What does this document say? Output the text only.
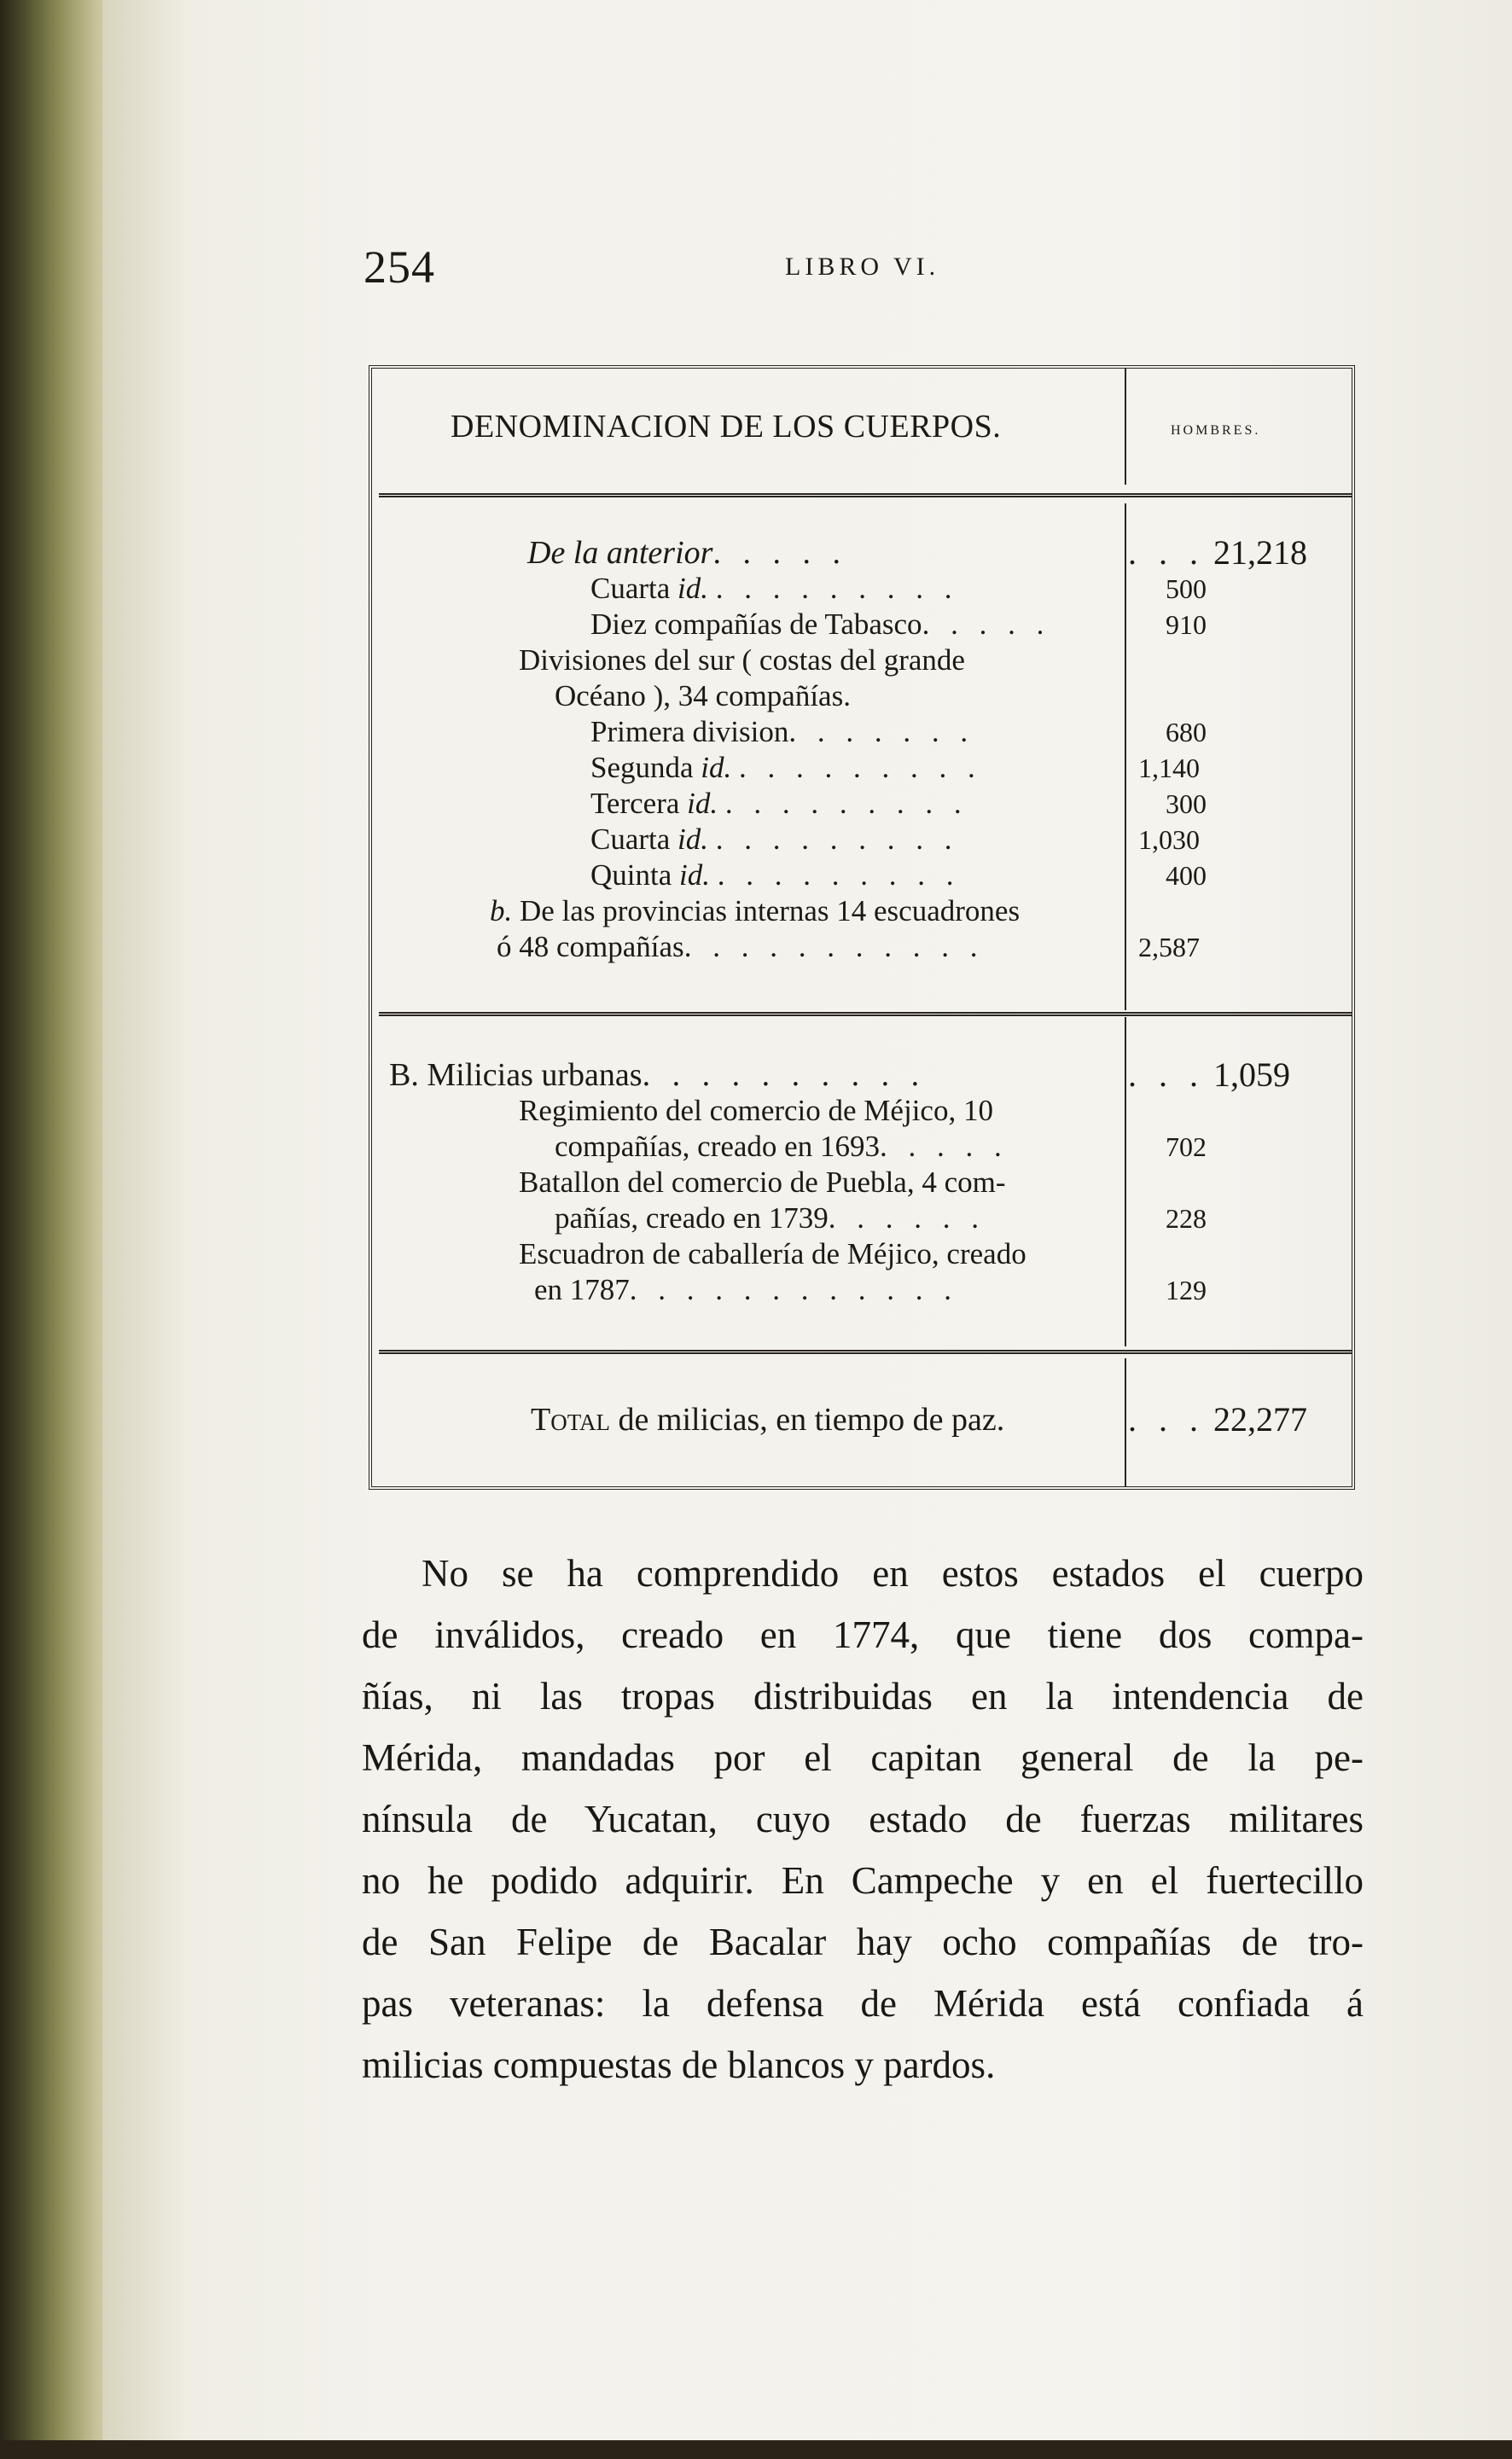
254	LIBRO VI.
DENOMINACION DE LOS CUERPOS.	HOMBRES.
De la anterior. . . . .	. . . 21,218
Cuarta id. . . . . . . . . .	500
Diez compañías de Tabasco. . . . .	910
Divisiones del sur ( costas del grande
Océano ), 34 compañías.
Primera division. . . . . . .	680
Segunda id. . . . . . . . . .	1,140
Tercera id. . . . . . . . . .	300
Cuarta id. . . . . . . . . .	1,030
Quinta id. . . . . . . . . .	400
b. De las provincias internas 14 escuadrones
ó 48 compañías. . . . . . . . . . .	2,587
B. Milicias urbanas. . . . . . . . . .	. . . 1,059
Regimiento del comercio de Méjico, 10
compañías, creado en 1693. . . . .	702
Batallon del comercio de Puebla, 4 com-
pañías, creado en 1739. . . . . .	228
Escuadron de caballería de Méjico, creado
en 1787. . . . . . . . . . . .	129
Total de milicias, en tiempo de paz.	. . . 22,277
No se ha comprendido en estos estados el cuerpo
de inválidos, creado en 1774, que tiene dos compa-
ñías, ni las tropas distribuidas en la intendencia de
Mérida, mandadas por el capitan general de la pe-
nínsula de Yucatan, cuyo estado de fuerzas militares
no he podido adquirir. En Campeche y en el fuertecillo
de San Felipe de Bacalar hay ocho compañías de tro-
pas veteranas: la defensa de Mérida está confiada á
milicias compuestas de blancos y pardos.
